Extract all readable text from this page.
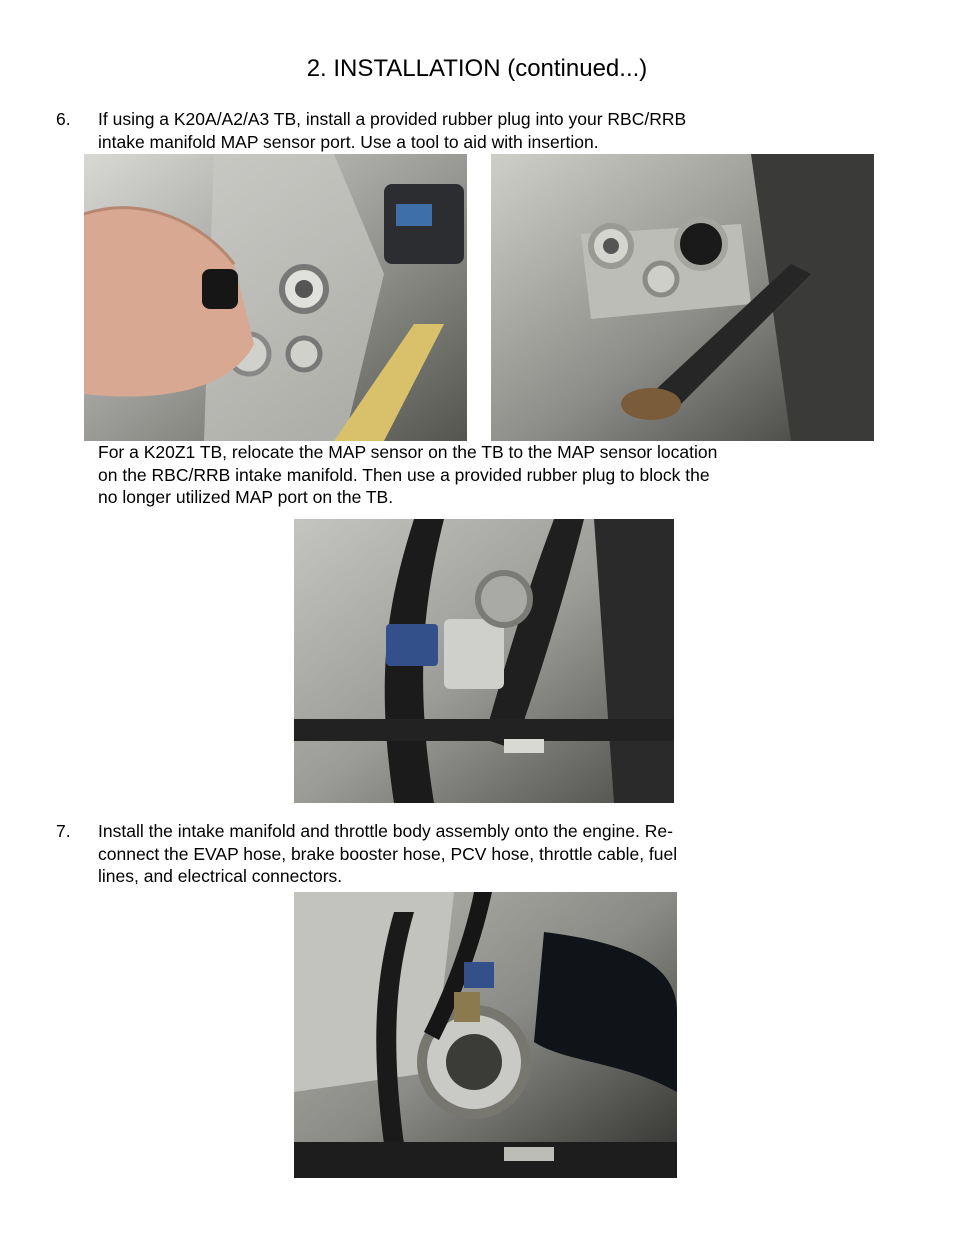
2. INSTALLATION (continued...)
6. If using a K20A/A2/A3 TB, install a provided rubber plug into your RBC/RRB
intake manifold MAP sensor port. Use a tool to aid with insertion.
For a K20Z1 TB, relocate the MAP sensor on the TB to the MAP sensor location
on the RBC/RRB intake manifold. Then use a provided rubber plug to block the
no longer utilized MAP port on the TB.
7. Install the intake manifold and throttle body assembly onto the engine. Re-
connect the EVAP hose, brake booster hose, PCV hose, throttle cable, fuel
lines, and electrical connectors.
